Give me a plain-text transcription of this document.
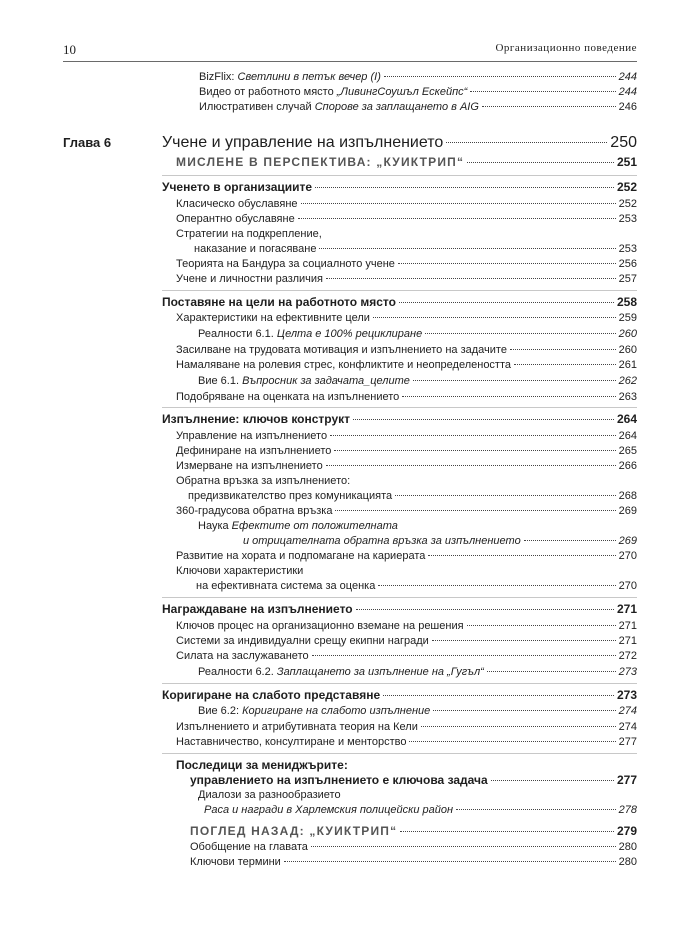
10	Организационно поведение
BizFlix: Светлини в петък вечер (I)	244
Видео от работното място „ЛивингСоушъл Ескейпс“	244
Илюстративен случай Спорове за заплащането в AIG	246
Глава 6	Учене и управление на изпълнението	250
МИСЛЕНЕ В ПЕРСПЕКТИВА: „КУИКТРИП“	251
Ученето в организациите	252
Класическо обуславяне	252
Оперантно обуславяне	253
Стратегии на подкрепление,
наказание и погасяване	253
Теорията на Бандура за социалното учене	256
Учене и личностни различия	257
Поставяне на цели на работното място	258
Характеристики на ефективните цели	259
Реалности 6.1. Целта е 100% рециклиране	260
Засилване на трудовата мотивация и изпълнението на задачите	260
Намаляване на ролевия стрес, конфликтите и неопределеността	261
Вие 6.1. Въпросник за задачата_целите	262
Подобряване на оценката на изпълнението	263
Изпълнение: ключов конструкт	264
Управление на изпълнението	264
Дефиниране на изпълнението	265
Измерване на изпълнението	266
Обратна връзка за изпълнението:
предизвикателство през комуникацията	268
360-градусова обратна връзка	269
Наука Ефектите от положителната
и отрицателната обратна връзка за изпълнението	269
Развитие на хората и подпомагане на кариерата	270
Ключови характеристики
на ефективната система за оценка	270
Награждаване на изпълнението	271
Ключов процес на организационно вземане на решения	271
Системи за индивидуални срещу екипни награди	271
Силата на заслужаването	272
Реалности 6.2. Заплащането за изпълнение на „Гугъл“	273
Коригиране на слабото представяне	273
Вие 6.2: Коригиране на слабото изпълнение	274
Изпълнението и атрибутивната теория на Кели	274
Наставничество, консултиране и менторство	277
Последици за мениджърите:
управлението на изпълнението е ключова задача	277
Диалози за разнообразието
Раса и награди в Харлемския полицейски район	278
ПОГЛЕД НАЗАД: „КУИКТРИП“	279
Обобщение на главата	280
Ключови термини	280
